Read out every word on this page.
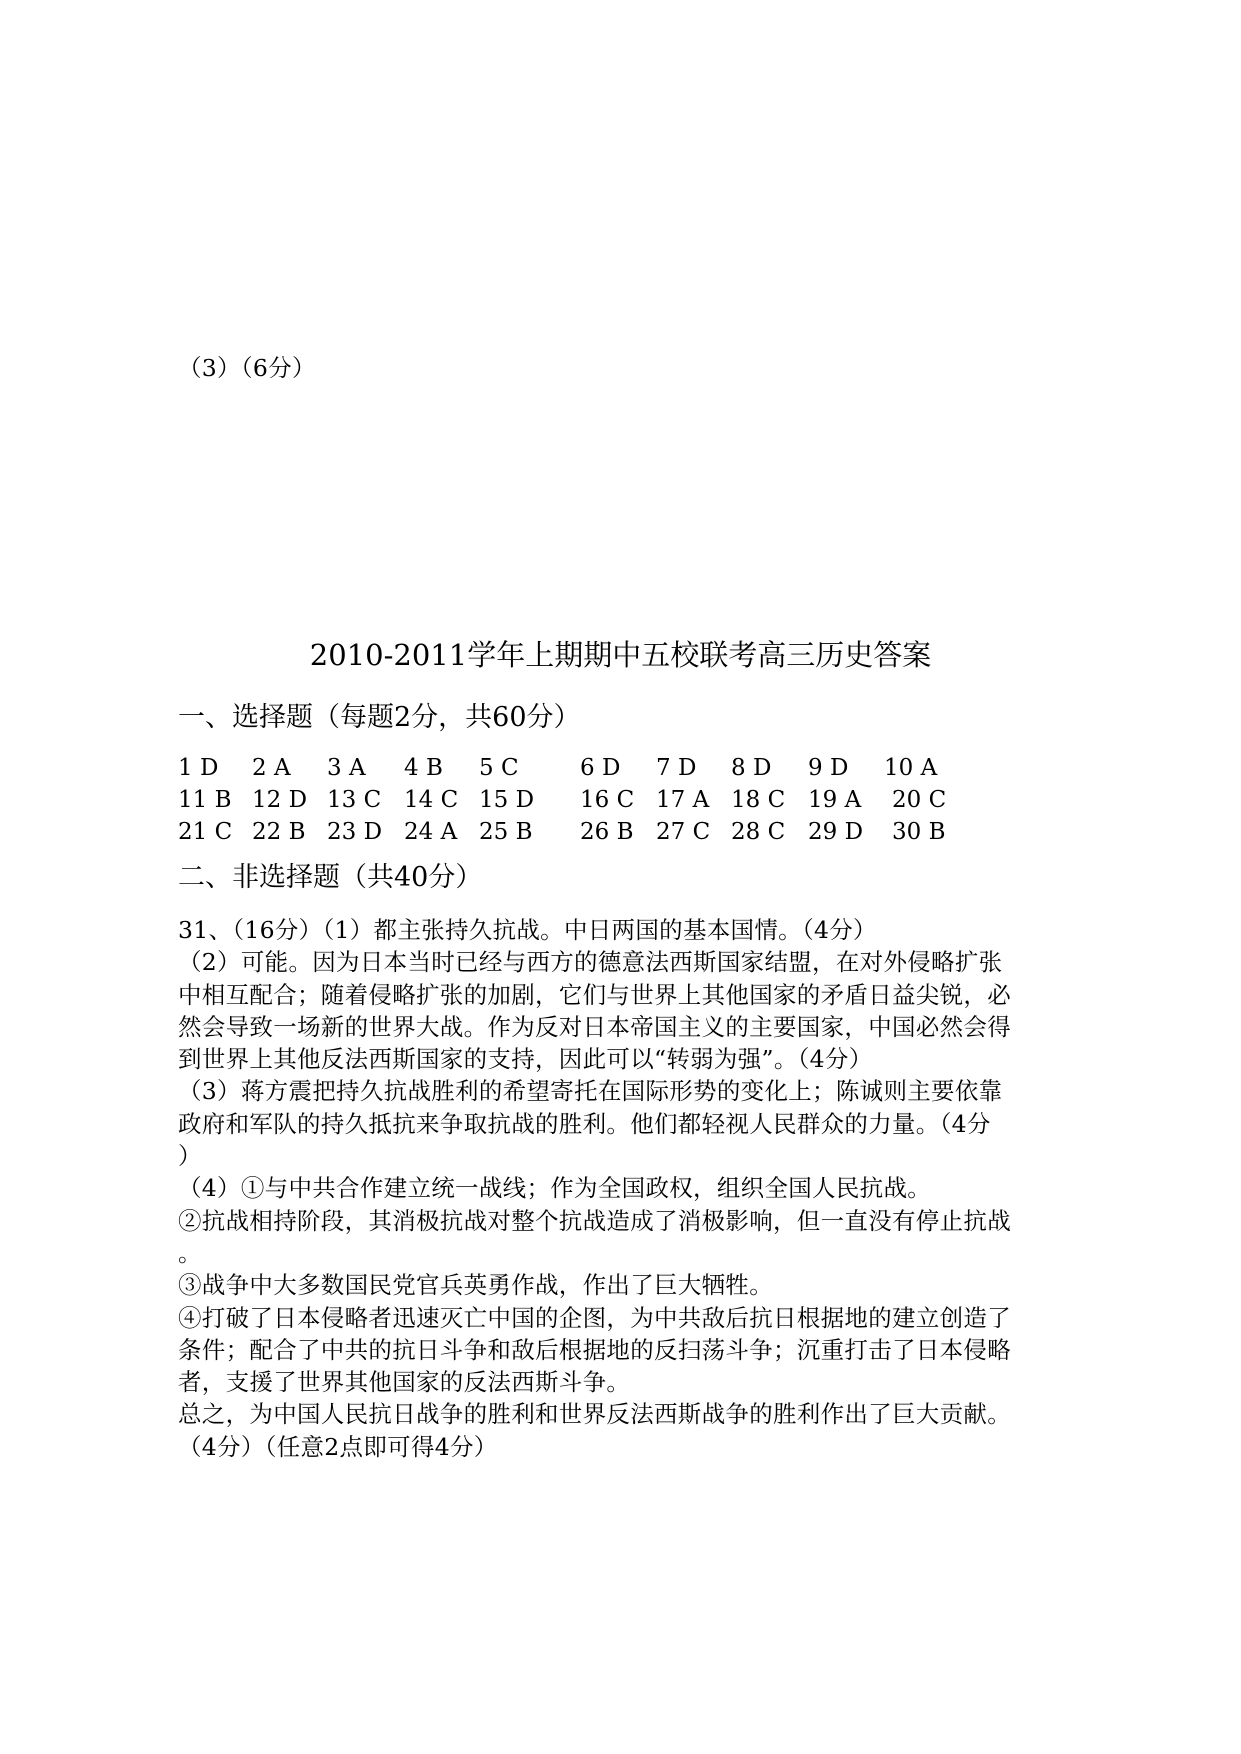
（3）（6分）
2010-2011学年上期期中五校联考高三历史答案
一、选择题（每题2分，共60分）
1 D 2 A 3 A 4 B 5 C	6 D 7 D 8 D 9 D 10 A
11 B 12 D 13 C 14 C 15 D 16 C 17 A 18 C 19 A 20 C
21 C 22 B 23 D 24 A 25 B 26 B 27 C 28 C 29 D 30 B
二、非选择题（共40分）
31、（16分）（1）都主张持久抗战。中日两国的基本国情。（4分）
（2）可能。因为日本当时已经与西方的德意法西斯国家结盟，在对外侵略扩张
中相互配合；随着侵略扩张的加剧，它们与世界上其他国家的矛盾日益尖锐，必
然会导致一场新的世界大战。作为反对日本帝国主义的主要国家，中国必然会得
到世界上其他反法西斯国家的支持，因此可以“转弱为强”。（4分）
（3）蒋方震把持久抗战胜利的希望寄托在国际形势的变化上；陈诚则主要依靠
政府和军队的持久抵抗来争取抗战的胜利。他们都轻视人民群众的力量。（4分
）
（4）①与中共合作建立统一战线；作为全国政权，组织全国人民抗战。
②抗战相持阶段，其消极抗战对整个抗战造成了消极影响，但一直没有停止抗战
。
③战争中大多数国民党官兵英勇作战，作出了巨大牺牲。
④打破了日本侵略者迅速灭亡中国的企图，为中共敌后抗日根据地的建立创造了
条件；配合了中共的抗日斗争和敌后根据地的反扫荡斗争；沉重打击了日本侵略
者，支援了世界其他国家的反法西斯斗争。
总之，为中国人民抗日战争的胜利和世界反法西斯战争的胜利作出了巨大贡献。
（4分）（任意2点即可得4分）
